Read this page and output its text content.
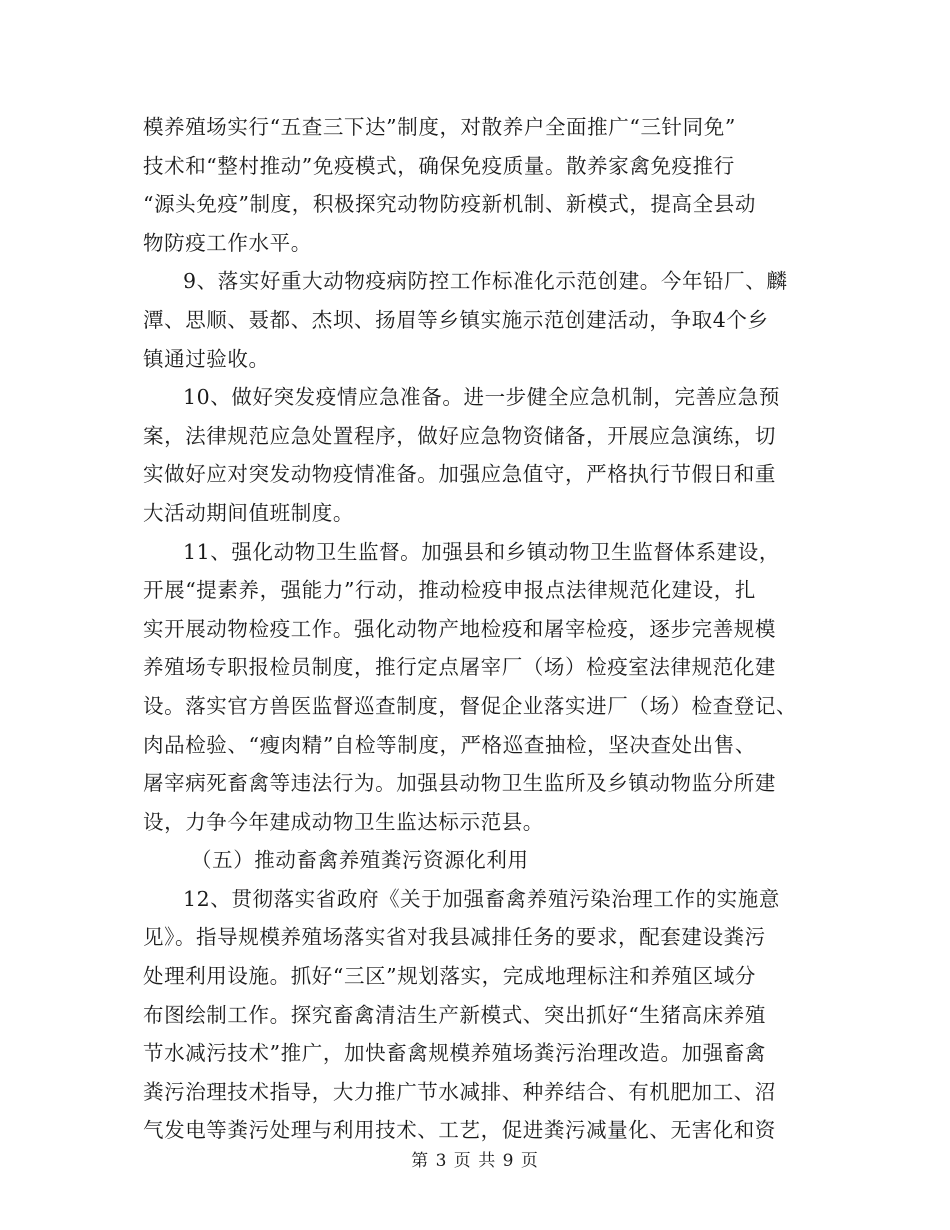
模养殖场实行“五查三下达”制度，对散养户全面推广“三针同免”
技术和“整村推动”免疫模式，确保免疫质量。散养家禽免疫推行
“源头免疫”制度，积极探究动物防疫新机制、新模式，提高全县动
物防疫工作水平。
9、落实好重大动物疫病防控工作标准化示范创建。今年铅厂、麟
潭、思顺、聂都、杰坝、扬眉等乡镇实施示范创建活动，争取4个乡
镇通过验收。
10、做好突发疫情应急准备。进一步健全应急机制，完善应急预
案，法律规范应急处置程序，做好应急物资储备，开展应急演练，切
实做好应对突发动物疫情准备。加强应急值守，严格执行节假日和重
大活动期间值班制度。
11、强化动物卫生监督。加强县和乡镇动物卫生监督体系建设，
开展“提素养，强能力”行动，推动检疫申报点法律规范化建设，扎
实开展动物检疫工作。强化动物产地检疫和屠宰检疫，逐步完善规模
养殖场专职报检员制度，推行定点屠宰厂（场）检疫室法律规范化建
设。落实官方兽医监督巡查制度，督促企业落实进厂（场）检查登记、
肉品检验、“瘦肉精”自检等制度，严格巡查抽检，坚决查处出售、
屠宰病死畜禽等违法行为。加强县动物卫生监所及乡镇动物监分所建
设，力争今年建成动物卫生监达标示范县。
（五）推动畜禽养殖粪污资源化利用
12、贯彻落实省政府《关于加强畜禽养殖污染治理工作的实施意
见》。指导规模养殖场落实省对我县减排任务的要求，配套建设粪污
处理利用设施。抓好“三区”规划落实，完成地理标注和养殖区域分
布图绘制工作。探究畜禽清洁生产新模式、突出抓好“生猪高床养殖
节水减污技术”推广，加快畜禽规模养殖场粪污治理改造。加强畜禽
粪污治理技术指导，大力推广节水减排、种养结合、有机肥加工、沼
气发电等粪污处理与利用技术、工艺，促进粪污减量化、无害化和资
第 3 页 共 9 页
